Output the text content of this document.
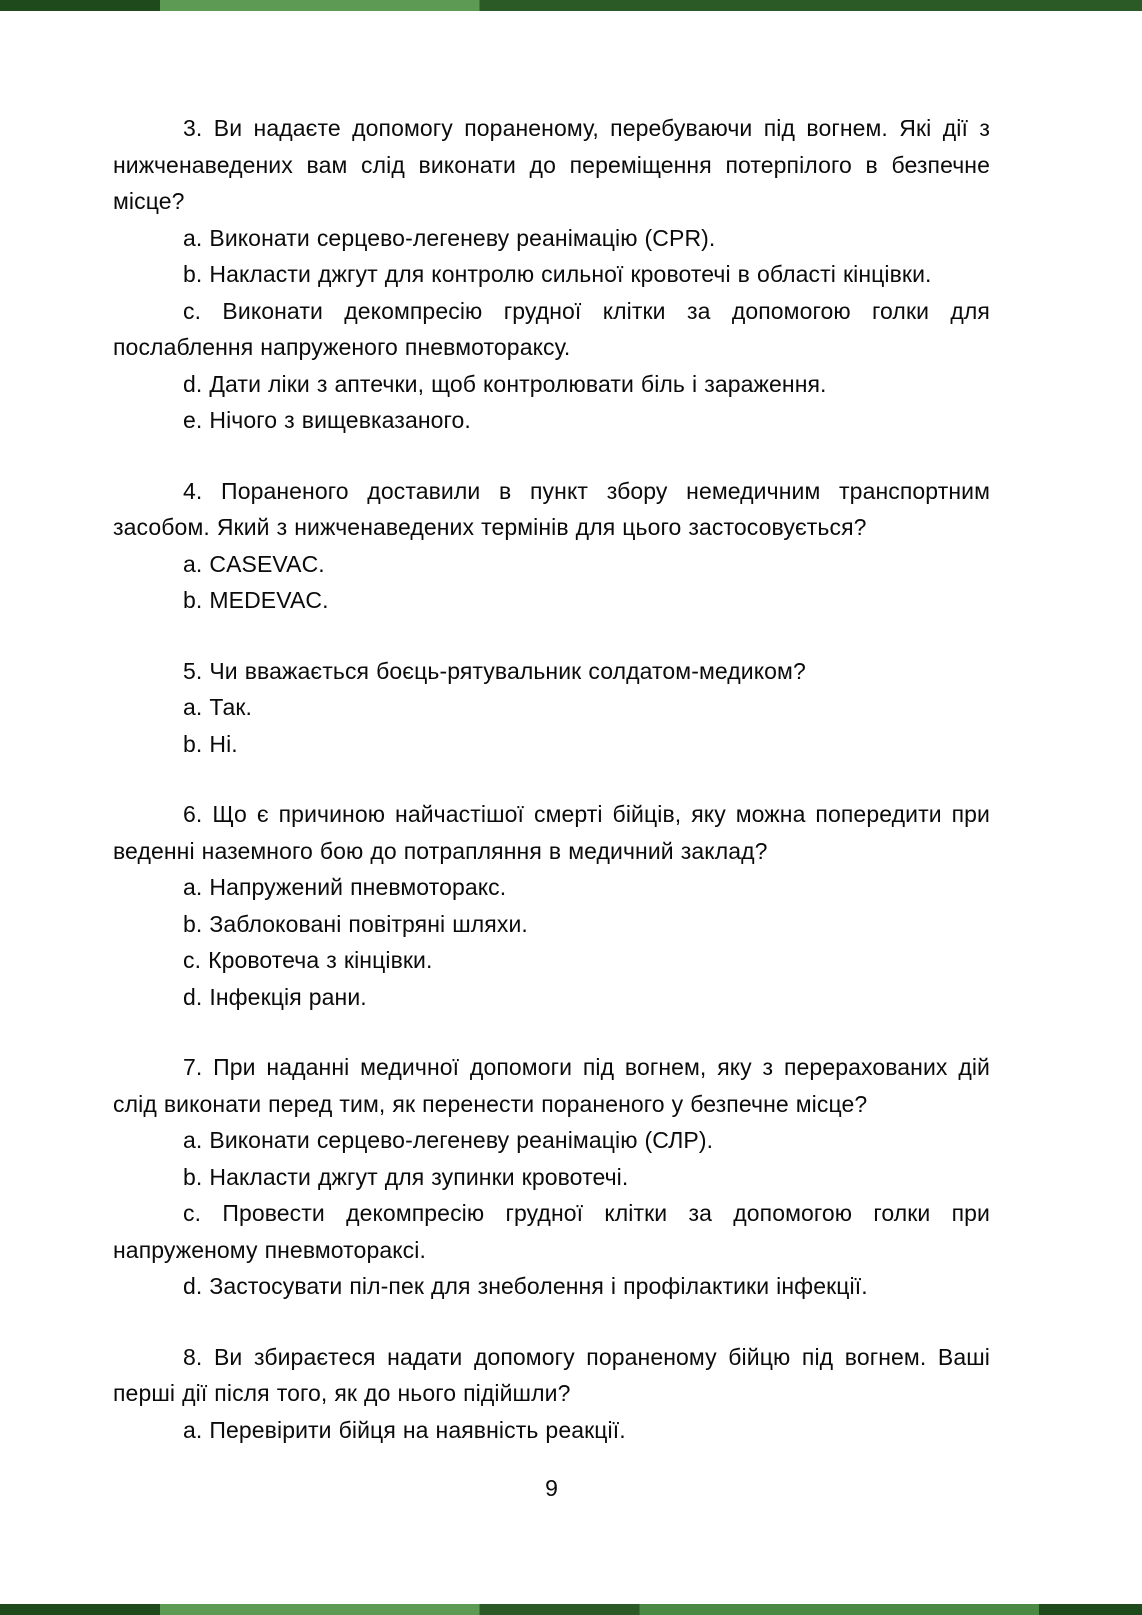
3. Ви надаєте допомогу пораненому, перебуваючи під вогнем. Які дії з нижченаведених вам слід виконати до переміщення потерпілого в безпечне місце?

a. Виконати серцево-легеневу реанімацію (CPR).

b. Накласти джгут для контролю сильної кровотечі в області кінцівки.

c. Виконати декомпресію грудної клітки за допомогою голки для послаблення напруженого пневмотораксу.

d. Дати ліки з аптечки, щоб контролювати біль і зараження.

e. Нічого з вищевказаного.

4. Пораненого доставили в пункт збору немедичним транспортним засобом. Який з нижченаведених термінів для цього застосовується?

a. CASEVAC.

b. MEDEVAC.

5. Чи вважається боєць-рятувальник солдатом-медиком?

a. Так.

b. Ні.

6. Що є причиною найчастішої смерті бійців, яку можна попередити при веденні наземного бою до потрапляння в медичний заклад?

a. Напружений пневмоторакс.

b. Заблоковані повітряні шляхи.

c. Кровотеча з кінцівки.

d. Інфекція рани.

7. При наданні медичної допомоги під вогнем, яку з перерахованих дій слід виконати перед тим, як перенести пораненого у безпечне місце?

a. Виконати серцево-легеневу реанімацію (СЛР).

b. Накласти джгут для зупинки кровотечі.

c. Провести декомпресію грудної клітки за допомогою голки при напруженому пневмотораксі.

d. Застосувати піл-пек для знеболення і профілактики інфекції.

8. Ви збираєтеся надати допомогу пораненому бійцю під вогнем. Ваші перші дії після того, як до нього підійшли?

a. Перевірити бійця на наявність реакції.

9
